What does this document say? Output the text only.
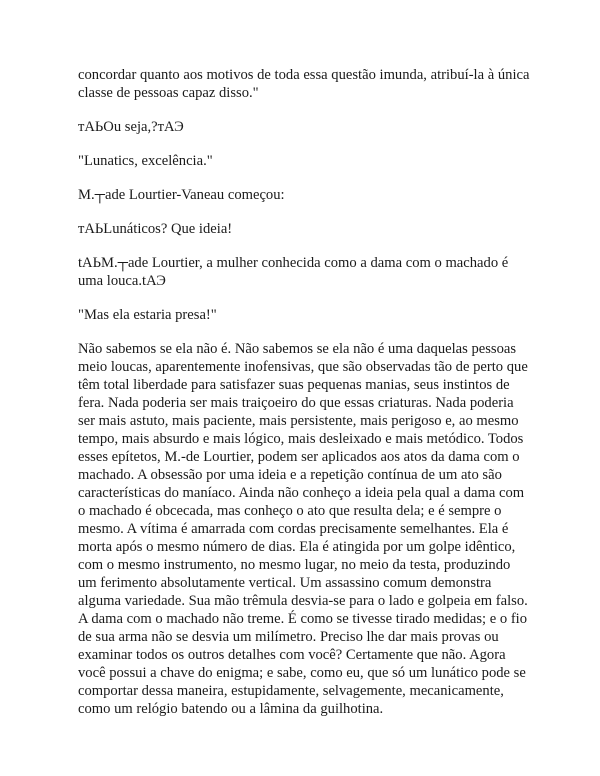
concordar quanto aos motivos de toda essa questão imunda, atribuí-la à única classe de pessoas capaz disso."

тАЬOu seja,?тАЭ

"Lunatics, excelência."

M.┬ade Lourtier-Vaneau começou:

тАЬLunáticos? Que ideia!

tАЬM.┬ade Lourtier, a mulher conhecida como a dama com o machado é uma louca.tАЭ

"Mas ela estaria presa!"

Não sabemos se ela não é. Não sabemos se ela não é uma daquelas pessoas meio loucas, aparentemente inofensivas, que são observadas tão de perto que têm total liberdade para satisfazer suas pequenas manias, seus instintos de fera. Nada poderia ser mais traiçoeiro do que essas criaturas. Nada poderia ser mais astuto, mais paciente, mais persistente, mais perigoso e, ao mesmo tempo, mais absurdo e mais lógico, mais desleixado e mais metódico. Todos esses epítetos, M.-de Lourtier, podem ser aplicados aos atos da dama com o machado. A obsessão por uma ideia e a repetição contínua de um ato são características do maníaco. Ainda não conheço a ideia pela qual a dama com o machado é obcecada, mas conheço o ato que resulta dela; e é sempre o mesmo. A vítima é amarrada com cordas precisamente semelhantes. Ela é morta após o mesmo número de dias. Ela é atingida por um golpe idêntico, com o mesmo instrumento, no mesmo lugar, no meio da testa, produzindo um ferimento absolutamente vertical. Um assassino comum demonstra alguma variedade. Sua mão trêmula desvia-se para o lado e golpeia em falso. A dama com o machado não treme. É como se tivesse tirado medidas; e o fio de sua arma não se desvia um milímetro. Preciso lhe dar mais provas ou examinar todos os outros detalhes com você? Certamente que não. Agora você possui a chave do enigma; e sabe, como eu, que só um lunático pode se comportar dessa maneira, estupidamente, selvagemente, mecanicamente, como um relógio batendo ou a lâmina da guilhotina.
